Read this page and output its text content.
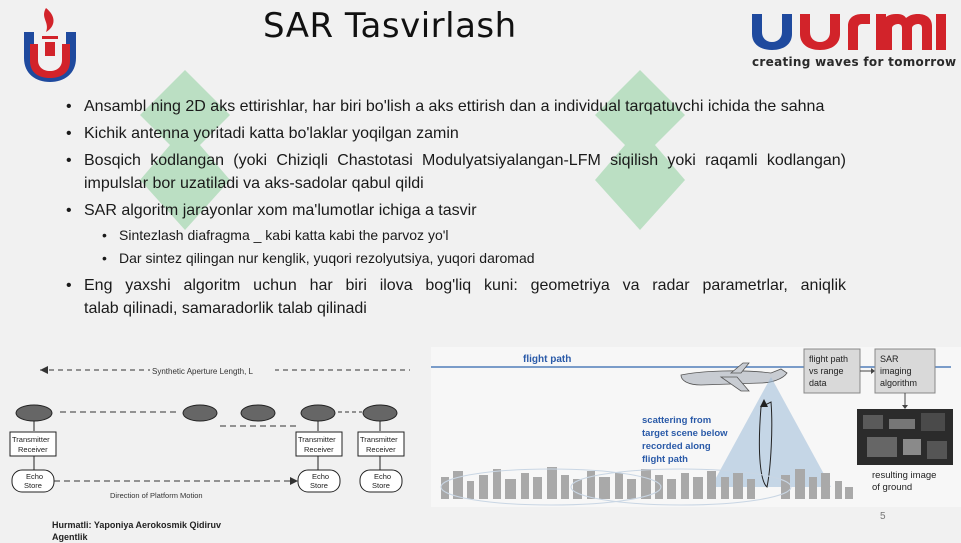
SAR Tasvirlash
creating waves for tomorrow
• Ansambl ning 2D aks ettirishlar, har biri bo'lish a aks ettirish dan a individual tarqatuvchi ichida the sahna
• Kichik antenna yoritadi katta bo'laklar yoqilgan zamin
• Bosqich kodlangan (yoki Chiziqli Chastotasi Modulyatsiyalangan-LFM siqilish yoki raqamli kodlangan)
impulslar bor uzatiladi va aks-sadolar qabul qildi
• SAR algoritm jarayonlar xom ma'lumotlar ichiga a tasvir
• Sintezlash diafragma _ kabi katta kabi the parvoz yo'l
• Dar sintez qilingan nur kenglik, yuqori rezolyutsiya, yuqori daromad
• Eng yaxshi algoritm uchun har biri ilova bog'liq kuni: geometriya va radar parametrlar, aniqlik
talab qilinadi, samaradorlik talab qilinadi
Synthetic Aperture Length, L
Transmitter
Receiver
Transmitter
Receiver
Transmitter
Receiver
Echo
Store
Echo
Store
Echo
Store
Direction of Platform Motion
flight path
scattering from
target scene below
recorded along
flight path
flight path
vs range
data
SAR
imaging
algorithm
resulting image
of ground
Hurmatli: Yaponiya Aerokosmik Qidiruv Agentlik
5
